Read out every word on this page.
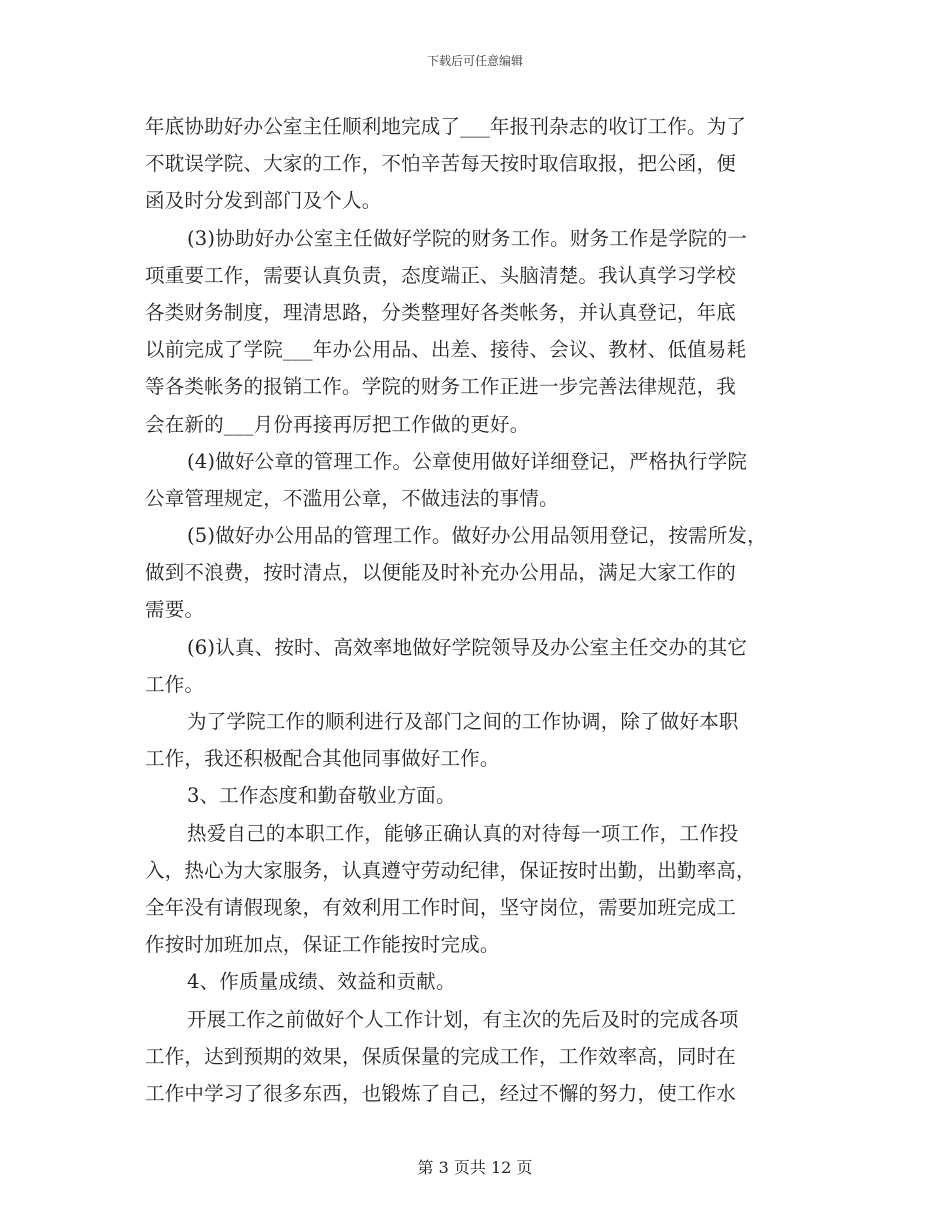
下载后可任意编辑
年底协助好办公室主任顺利地完成了___年报刊杂志的收订工作。为了
不耽误学院、大家的工作，不怕辛苦每天按时取信取报，把公函，便
函及时分发到部门及个人。
(3)协助好办公室主任做好学院的财务工作。财务工作是学院的一
项重要工作，需要认真负责，态度端正、头脑清楚。我认真学习学校
各类财务制度，理清思路，分类整理好各类帐务，并认真登记，年底
以前完成了学院___年办公用品、出差、接待、会议、教材、低值易耗
等各类帐务的报销工作。学院的财务工作正进一步完善法律规范，我
会在新的___月份再接再厉把工作做的更好。
(4)做好公章的管理工作。公章使用做好详细登记，严格执行学院
公章管理规定，不滥用公章，不做违法的事情。
(5)做好办公用品的管理工作。做好办公用品领用登记，按需所发，
做到不浪费，按时清点，以便能及时补充办公用品，满足大家工作的
需要。
(6)认真、按时、高效率地做好学院领导及办公室主任交办的其它
工作。
为了学院工作的顺利进行及部门之间的工作协调，除了做好本职
工作，我还积极配合其他同事做好工作。
3、工作态度和勤奋敬业方面。
热爱自己的本职工作，能够正确认真的对待每一项工作，工作投
入，热心为大家服务，认真遵守劳动纪律，保证按时出勤，出勤率高，
全年没有请假现象，有效利用工作时间，坚守岗位，需要加班完成工
作按时加班加点，保证工作能按时完成。
4、作质量成绩、效益和贡献。
开展工作之前做好个人工作计划，有主次的先后及时的完成各项
工作，达到预期的效果，保质保量的完成工作，工作效率高，同时在
工作中学习了很多东西，也锻炼了自己，经过不懈的努力，使工作水
第 3 页共 12 页
